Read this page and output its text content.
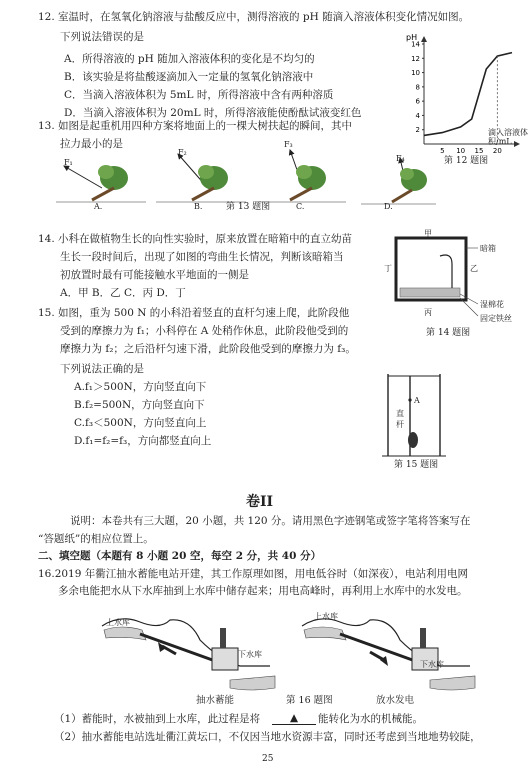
12. 室温时，在氢氧化钠溶液与盐酸反应中，测得溶液的 pH 随滴入溶液体积变化情况如图。
下列说法错误的是
A．所得溶液的 pH 随加入溶液体积的变化是不均匀的
B．该实验是将盐酸逐滴加入一定量的氢氧化钠溶液中
C．当滴入溶液体积为 5mL 时，所得溶液中含有两种溶质
D．当滴入溶液体积为 20mL 时，所得溶液能使酚酞试液变红色
pH
2
4
6
8
10
12
14
5 10 15 20
滴入溶液体积/mL
第 12 题图
13. 如图是起重机用四种方案将地面上的一棵大树扶起的瞬间，其中
拉力最小的是
F₁
F₂
F₃
F₄
A.	B.	C.	D.
第 13 题图
14. 小科在做植物生长的向性实验时，原来放置在暗箱中的直立幼苗
生长一段时间后，出现了如图的弯曲生长情况，判断该暗箱当
初放置时最有可能接触水平地面的一侧是
A．甲 B．乙 C．丙 D．丁
甲
丁	乙
丙
暗箱
湿棉花
固定铁丝
第 14 题图
15. 如图，重为 500 N 的小科沿着竖直的直杆匀速上爬，此阶段他
受到的摩擦力为 f₁；小科停在 A 处稍作休息，此阶段他受到的
摩擦力为 f₂；之后沿杆匀速下滑，此阶段他受到的摩擦力为 f₃。
下列说法正确的是
A.f₁＞500N，方向竖直向下
B.f₂=500N，方向竖直向下
C.f₃＜500N，方向竖直向上
D.f₁=f₂=f₃，方向都竖直向上
A
直杆
第 15 题图
卷II
说明：本卷共有三大题，20 小题，共 120 分。请用黑色字迹钢笔或签字笔将答案写在
“答题纸”的相应位置上。
二、填空题（本题有 8 小题 20 空，每空 2 分，共 40 分）
16.2019 年衢江抽水蓄能电站开建，其工作原理如图，用电低谷时（如深夜），电站利用电网
多余电能把水从下水库抽到上水库中储存起来；用电高峰时，再利用上水库中的水发电。
上水库
下水库
上水库
下水库
抽水蓄能	第 16 题图	放水发电
（1）蓄能时，水被抽到上水库，此过程是将	▲	能转化为水的机械能。
（2）抽水蓄能电站选址衢江黄坛口，不仅因当地水资源丰富，同时还考虑到当地地势较陡，
25
